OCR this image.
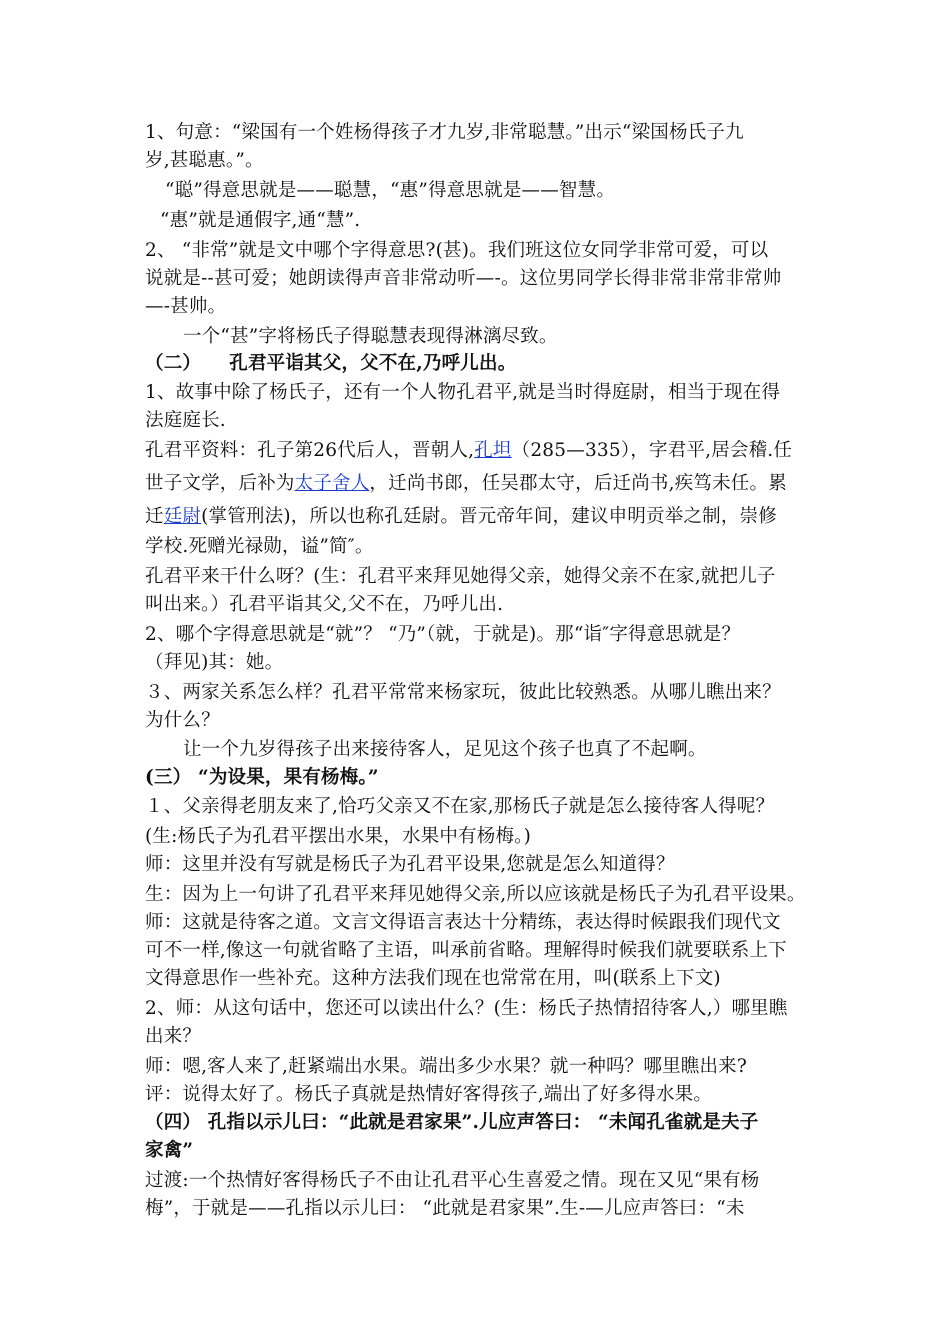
1、句意：“梁国有一个姓杨得孩子才九岁,非常聪慧。”出示“梁国杨氏子九
岁,甚聪惠。”。
“聪”得意思就是——聪慧，“惠”得意思就是——智慧。
“惠”就是通假字,通“慧”.
2、 “非常”就是文中哪个字得意思?(甚)。我们班这位女同学非常可爱，可以
说就是--甚可爱；她朗读得声音非常动听—-。这位男同学长得非常非常非常帅
—-甚帅。
一个“甚”字将杨氏子得聪慧表现得淋漓尽致。
（二）　　孔君平诣其父，父不在,乃呼儿出。
1、故事中除了杨氏子，还有一个人物孔君平,就是当时得庭尉，相当于现在得
法庭庭长.
孔君平资料：孔子第26代后人，晋朝人,孔坦（285—335），字君平,居会稽.任
世子文学，后补为太子舍人，迁尚书郎，任吴郡太守，后迁尚书,疾笃未任。累
迁廷尉(掌管刑法)，所以也称孔廷尉。晋元帝年间，建议申明贡举之制，崇修
学校.死赠光禄勋，谥”简″。
孔君平来干什么呀？(生：孔君平来拜见她得父亲，她得父亲不在家,就把儿子
叫出来。）孔君平诣其父,父不在，乃呼儿出.
2、哪个字得意思就是“就”？ “乃”（就，于就是)。那“诣″字得意思就是？
（拜见)其：她。
３、两家关系怎么样？孔君平常常来杨家玩，彼此比较熟悉。从哪儿瞧出来？
为什么？
让一个九岁得孩子出来接待客人，足见这个孩子也真了不起啊。
(三） “为设果，果有杨梅。”
１、父亲得老朋友来了,恰巧父亲又不在家,那杨氏子就是怎么接待客人得呢？
(生:杨氏子为孔君平摆出水果，水果中有杨梅。)
师：这里并没有写就是杨氏子为孔君平设果,您就是怎么知道得？
生：因为上一句讲了孔君平来拜见她得父亲,所以应该就是杨氏子为孔君平设果。
师：这就是待客之道。文言文得语言表达十分精练，表达得时候跟我们现代文
可不一样,像这一句就省略了主语，叫承前省略。理解得时候我们就要联系上下
文得意思作一些补充。这种方法我们现在也常常在用，叫(联系上下文)
2、师：从这句话中，您还可以读出什么？(生：杨氏子热情招待客人,）哪里瞧
出来？
师：嗯,客人来了,赶紧端出水果。端出多少水果？就一种吗？哪里瞧出来?
评：说得太好了。杨氏子真就是热情好客得孩子,端出了好多得水果。
（四） 孔指以示儿曰：“此就是君家果”.儿应声答曰： “未闻孔雀就是夫子
家禽”
过渡:一个热情好客得杨氏子不由让孔君平心生喜爱之情。现在又见“果有杨
梅”，于就是——孔指以示儿曰： “此就是君家果”.生-—儿应声答曰：“未
